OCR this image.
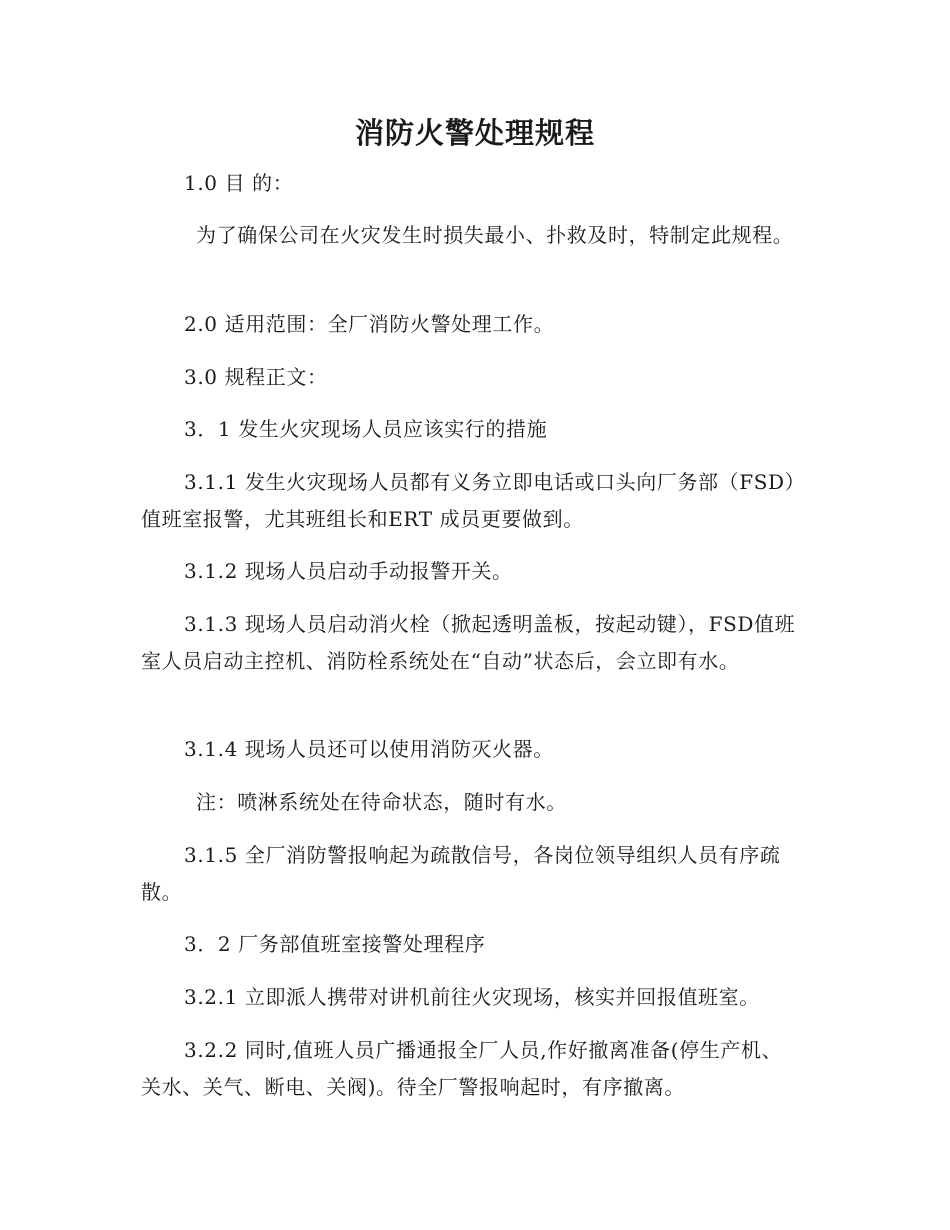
消防火警处理规程

1.0 目 的：

为了确保公司在火灾发生时损失最小、扑救及时，特制定此规程。

2.0 适用范围：全厂消防火警处理工作。

3.0 规程正文：

3．1 发生火灾现场人员应该实行的措施

3.1.1 发生火灾现场人员都有义务立即电话或口头向厂务部（FSD）值班室报警，尤其班组长和ERT 成员更要做到。

3.1.2 现场人员启动手动报警开关。

3.1.3 现场人员启动消火栓（掀起透明盖板，按起动键），FSD值班室人员启动主控机、消防栓系统处在“自动”状态后，会立即有水。

3.1.4 现场人员还可以使用消防灭火器。

注：喷淋系统处在待命状态，随时有水。

3.1.5 全厂消防警报响起为疏散信号，各岗位领导组织人员有序疏散。

3．2 厂务部值班室接警处理程序

3.2.1 立即派人携带对讲机前往火灾现场，核实并回报值班室。

3.2.2 同时,值班人员广播通报全厂人员,作好撤离准备(停生产机、关水、关气、断电、关阀)。待全厂警报响起时，有序撤离。
